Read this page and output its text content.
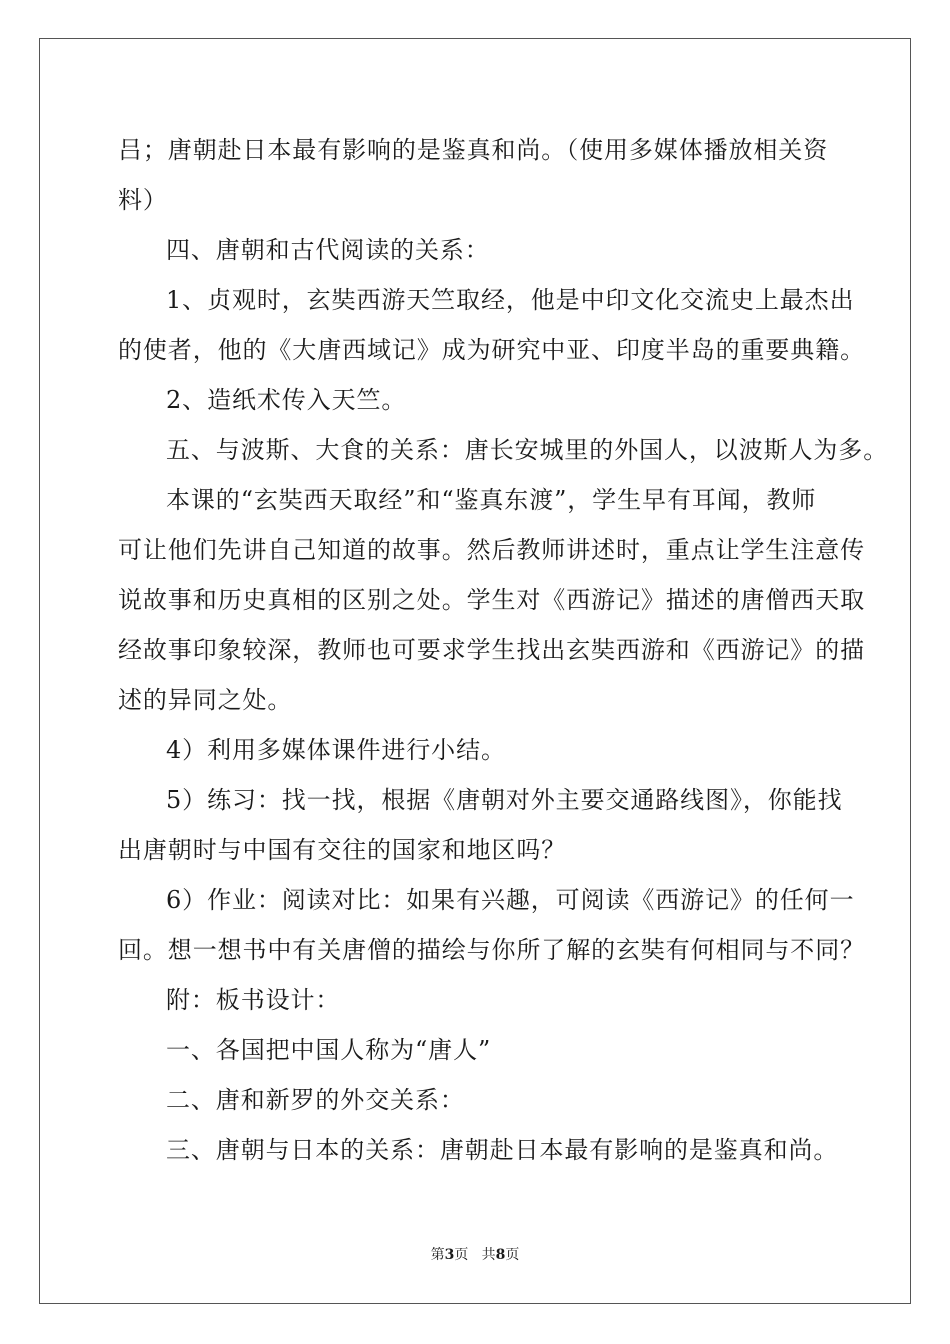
吕；唐朝赴日本最有影响的是鉴真和尚。（使用多媒体播放相关资
料）
四、唐朝和古代阅读的关系：
1、贞观时，玄奘西游天竺取经，他是中印文化交流史上最杰出
的使者，他的《大唐西域记》成为研究中亚、印度半岛的重要典籍。
2、造纸术传入天竺。
五、与波斯、大食的关系：唐长安城里的外国人，以波斯人为多。
本课的“玄奘西天取经”和“鉴真东渡”，学生早有耳闻，教师
可让他们先讲自己知道的故事。然后教师讲述时，重点让学生注意传
说故事和历史真相的区别之处。学生对《西游记》描述的唐僧西天取
经故事印象较深，教师也可要求学生找出玄奘西游和《西游记》的描
述的异同之处。
4）利用多媒体课件进行小结。
5）练习：找一找，根据《唐朝对外主要交通路线图》，你能找
出唐朝时与中国有交往的国家和地区吗？
6）作业：阅读对比：如果有兴趣，可阅读《西游记》的任何一
回。想一想书中有关唐僧的描绘与你所了解的玄奘有何相同与不同？
附：板书设计：
一、各国把中国人称为“唐人”
二、唐和新罗的外交关系：
三、唐朝与日本的关系：唐朝赴日本最有影响的是鉴真和尚。
第3页 共8页
